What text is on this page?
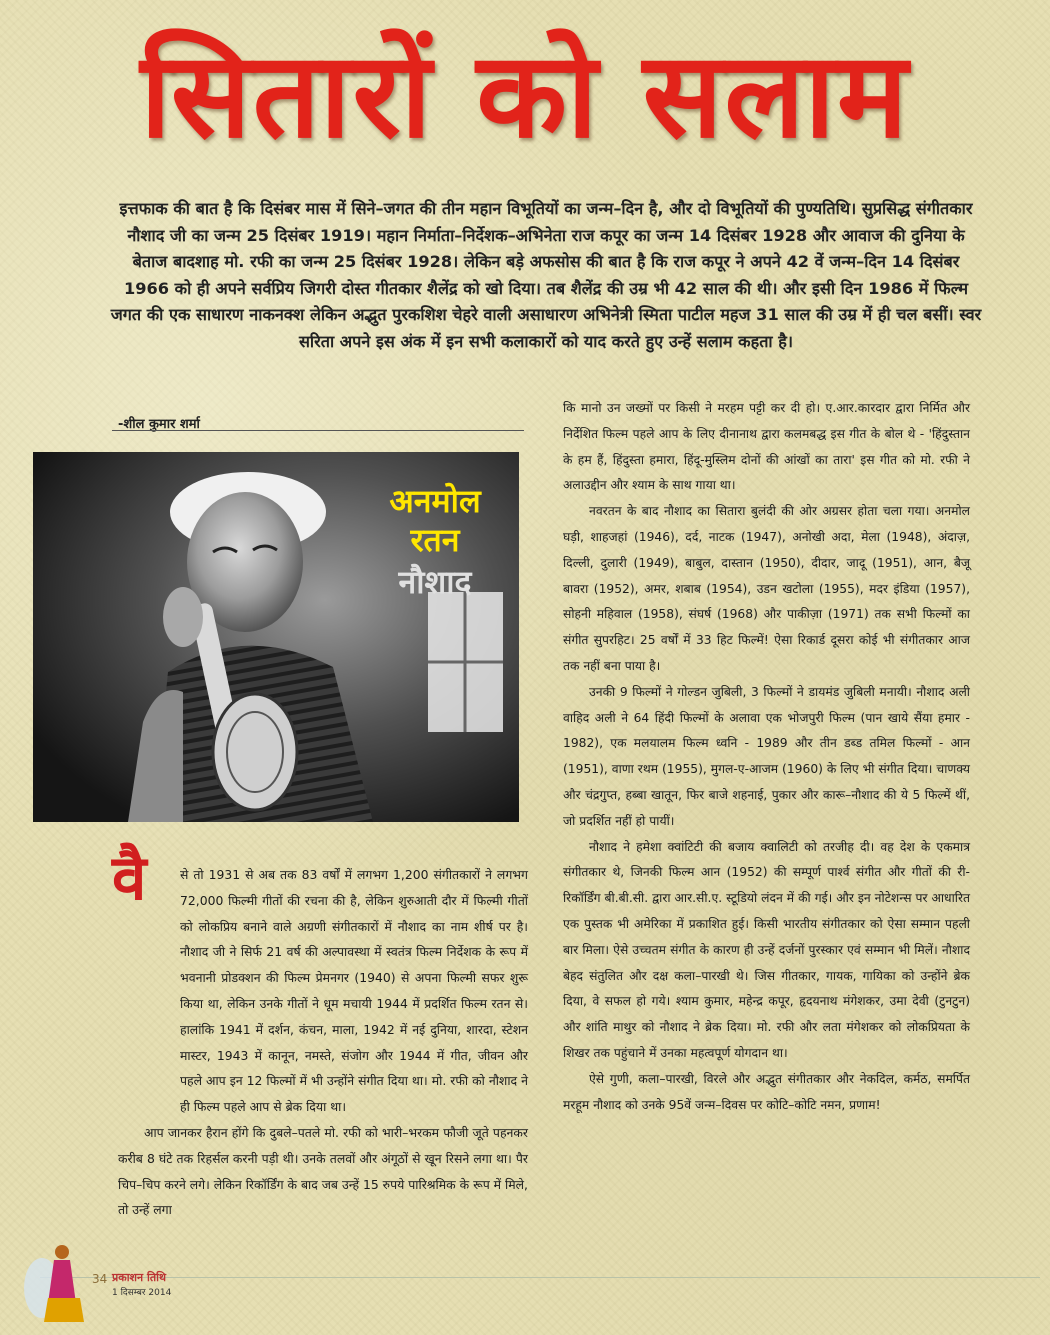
सितारों को सलाम
इत्तफाक की बात है कि दिसंबर मास में सिने–जगत की तीन महान विभूतियों का जन्म–दिन है, और दो विभूतियों की पुण्यतिथि। सुप्रसिद्ध संगीतकार नौशाद जी का जन्म 25 दिसंबर 1919। महान निर्माता–निर्देशक–अभिनेता राज कपूर का जन्म 14 दिसंबर 1928 और आवाज की दुनिया के बेताज बादशाह मो. रफी का जन्म 25 दिसंबर 1928। लेकिन बड़े अफसोस की बात है कि राज कपूर ने अपने 42 वें जन्म–दिन 14 दिसंबर 1966 को ही अपने सर्वप्रिय जिगरी दोस्त गीतकार शैलेंद्र को खो दिया। तब शैलेंद्र की उम्र भी 42 साल की थी। और इसी दिन 1986 में फिल्म जगत की एक साधारण नाकनक्श लेकिन अद्भुत पुरकशिश चेहरे वाली असाधारण अभिनेत्री स्मिता पाटील महज 31 साल की उम्र में ही चल बसीं। स्वर सरिता अपने इस अंक में इन सभी कलाकारों को याद करते हुए उन्हें सलाम कहता है।
-शील कुमार शर्मा
अनमोल
रतन
नौशाद
वै	से तो 1931 से अब तक 83 वर्षों में लगभग 1,200 संगीतकारों ने लगभग 72,000 फिल्मी गीतों की रचना की है, लेकिन शुरुआती दौर में फिल्मी गीतों को लोकप्रिय बनाने वाले अग्रणी संगीतकारों में नौशाद का नाम शीर्ष पर है। नौशाद जी ने सिर्फ 21 वर्ष की अल्पावस्था में स्वतंत्र फिल्म निर्देशक के रूप में भवनानी प्रोडक्शन की फिल्म प्रेमनगर (1940) से अपना फिल्मी सफर शुरू किया था, लेकिन उनके गीतों ने धूम मचायी 1944 में प्रदर्शित फिल्म रतन से। हालांकि 1941 में दर्शन, कंचन, माला, 1942 में नई दुनिया, शारदा, स्टेशन मास्टर, 1943 में कानून, नमस्ते, संजोग और 1944 में गीत, जीवन और पहले आप इन 12 फिल्मों में भी उन्होंने संगीत दिया था। मो. रफी को नौशाद ने ही फिल्म पहले आप से ब्रेक दिया था।

आप जानकर हैरान होंगे कि दुबले–पतले मो. रफी को भारी–भरकम फौजी जूते पहनकर करीब 8 घंटे तक रिहर्सल करनी पड़ी थी। उनके तलवों और अंगूठों से खून रिसने लगा था। पैर चिप–चिप करने लगे। लेकिन रिकॉर्डिंग के बाद जब उन्हें 15 रुपये पारिश्रमिक के रूप में मिले, तो उन्हें लगा

कि मानो उन जख्मों पर किसी ने मरहम पट्टी कर दी हो। ए.आर.कारदार द्वारा निर्मित और निर्देशित फिल्म पहले आप के लिए दीनानाथ द्वारा कलमबद्ध इस गीत के बोल थे - 'हिंदुस्तान के हम हैं, हिंदुस्ता हमारा, हिंदू-मुस्लिम दोनों की आंखों का तारा' इस गीत को मो. रफी ने अलाउद्दीन और श्याम के साथ गाया था।

नवरतन के बाद नौशाद का सितारा बुलंदी की ओर अग्रसर होता चला गया। अनमोल घड़ी, शाहजहां (1946), दर्द, नाटक (1947), अनोखी अदा, मेला (1948), अंदाज़, दिल्ली, दुलारी (1949), बाबुल, दास्तान (1950), दीदार, जादू (1951), आन, बैजू बावरा (1952), अमर, शबाब (1954), उडन खटोला (1955), मदर इंडिया (1957), सोहनी महिवाल (1958), संघर्ष (1968) और पाकीज़ा (1971) तक सभी फिल्मों का संगीत सुपरहिट। 25 वर्षों में 33 हिट फिल्में! ऐसा रिकार्ड दूसरा कोई भी संगीतकार आज तक नहीं बना पाया है।

उनकी 9 फिल्मों ने गोल्डन जुबिली, 3 फिल्मों ने डायमंड जुबिली मनायी। नौशाद अली वाहिद अली ने 64 हिंदी फिल्मों के अलावा एक भोजपुरी फिल्म (पान खाये सैंया हमार - 1982), एक मलयालम फिल्म ध्वनि - 1989 और तीन डब्ड तमिल फिल्मों - आन (1951), वाणा रथम (1955), मुगल-ए-आजम (1960) के लिए भी संगीत दिया। चाणक्य और चंद्रगुप्त, हब्बा खातून, फिर बाजे शहनाई, पुकार और कारू–नौशाद की ये 5 फिल्में थीं, जो प्रदर्शित नहीं हो पायीं।

नौशाद ने हमेशा क्वांटिटी की बजाय क्वालिटी को तरजीह दी। वह देश के एकमात्र संगीतकार थे, जिनकी फिल्म आन (1952) की सम्पूर्ण पार्श्व संगीत और गीतों की री-रिकॉर्डिंग बी.बी.सी. द्वारा आर.सी.ए. स्टूडियो लंदन में की गई। और इन नोटेशन्स पर आधारित एक पुस्तक भी अमेरिका में प्रकाशित हुई। किसी भारतीय संगीतकार को ऐसा सम्मान पहली बार मिला। ऐसे उच्चतम संगीत के कारण ही उन्हें दर्जनों पुरस्कार एवं सम्मान भी मिलें। नौशाद बेहद संतुलित और दक्ष कला–पारखी थे। जिस गीतकार, गायक, गायिका को उन्होंने ब्रेक दिया, वे सफल हो गये। श्याम कुमार, महेन्द्र कपूर, हृदयनाथ मंगेशकर, उमा देवी (टुनटुन) और शांति माथुर को नौशाद ने ब्रेक दिया। मो. रफी और लता मंगेशकर को लोकप्रियता के शिखर तक पहुंचाने में उनका महत्वपूर्ण योगदान था।

ऐसे गुणी, कला–पारखी, विरले और अद्भुत संगीतकार और नेकदिल, कर्मठ, समर्पित मरहूम नौशाद को उनके 95वें जन्म–दिवस पर कोटि–कोटि नमन, प्रणाम!

34 प्रकाशन तिथि
1 दिसम्बर 2014
